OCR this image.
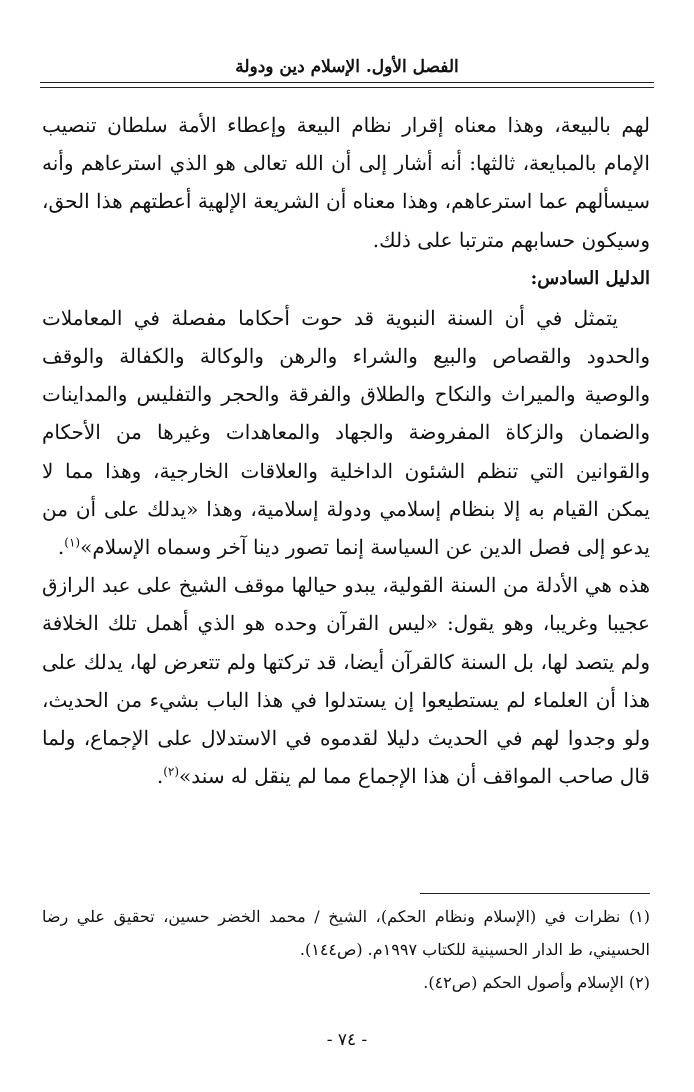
الفصل الأول. الإسلام دين ودولة

لهم بالبيعة، وهذا معناه إقرار نظام البيعة وإعطاء الأمة سلطان تنصيب الإمام بالمبايعة، ثالثها: أنه أشار إلى أن الله تعالى هو الذي استرعاهم وأنه سيسألهم عما استرعاهم، وهذا معناه أن الشريعة الإلهية أعطتهم هذا الحق، وسيكون حسابهم مترتبا على ذلك.

الدليل السادس:

يتمثل في أن السنة النبوية قد حوت أحكاما مفصلة في المعاملات والحدود والقصاص والبيع والشراء والرهن والوكالة والكفالة والوقف والوصية والميراث والنكاح والطلاق والفرقة والحجر والتفليس والمداينات والضمان والزكاة المفروضة والجهاد والمعاهدات وغيرها من الأحكام والقوانين التي تنظم الشئون الداخلية والعلاقات الخارجية، وهذا مما لا يمكن القيام به إلا بنظام إسلامي ودولة إسلامية، وهذا «يدلك على أن من يدعو إلى فصل الدين عن السياسة إنما تصور دينا آخر وسماه الإسلام»$^{(١)}$.

هذه هي الأدلة من السنة القولية، يبدو حيالها موقف الشيخ على عبد الرازق عجيبا وغريبا، وهو يقول: «ليس القرآن وحده هو الذي أهمل تلك الخلافة ولم يتصد لها، بل السنة كالقرآن أيضا، قد تركتها ولم تتعرض لها، يدلك على هذا أن العلماء لم يستطيعوا إن يستدلوا في هذا الباب بشيء من الحديث، ولو وجدوا لهم في الحديث دليلا لقدموه في الاستدلال على الإجماع، ولما قال صاحب المواقف أن هذا الإجماع مما لم ينقل له سند»$^{(٢)}$.

(١) نظرات في (الإسلام ونظام الحكم)، الشيخ / محمد الخضر حسين، تحقيق علي رضا الحسيني، ط الدار الحسينية للكتاب ١٩٩٧م. (ص١٤٤).

(٢) الإسلام وأصول الحكم (ص٤٢).

- ٧٤ -
